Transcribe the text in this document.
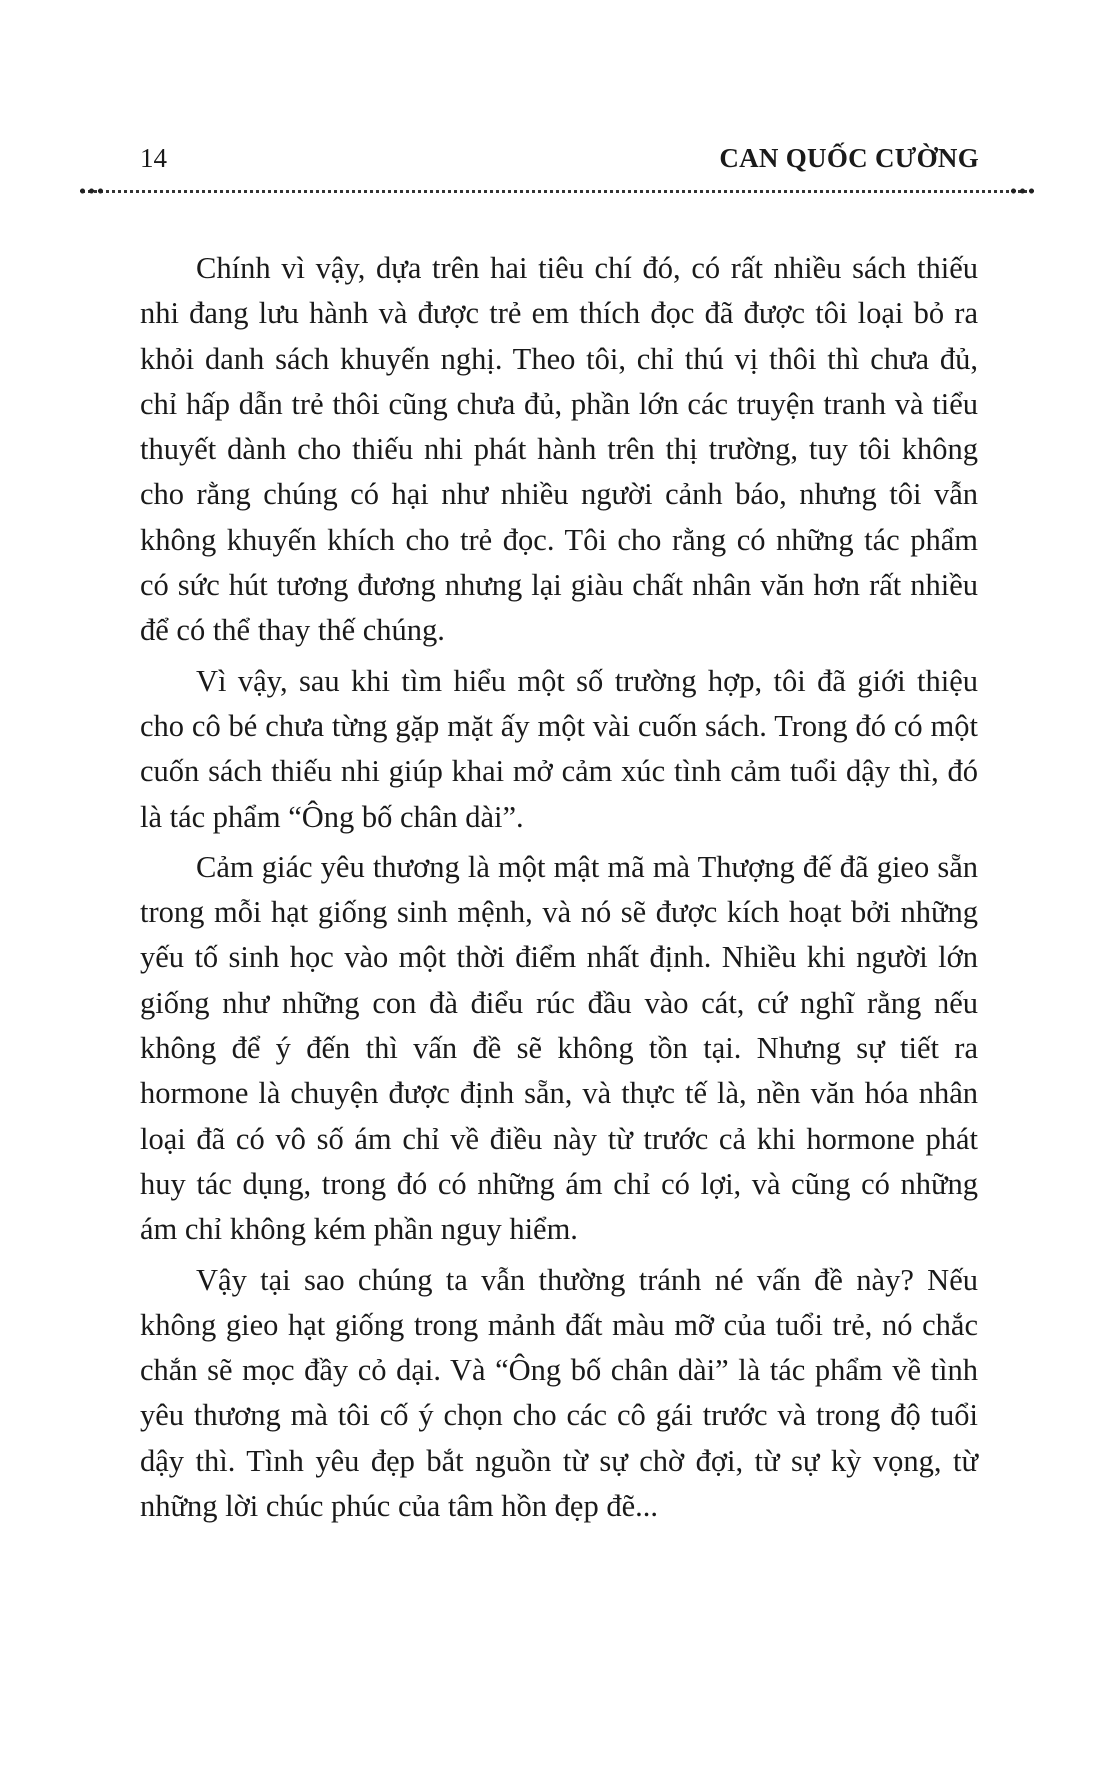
14	CAN QUỐC CƯỜNG

Chính vì vậy, dựa trên hai tiêu chí đó, có rất nhiều sách thiếu nhi đang lưu hành và được trẻ em thích đọc đã được tôi loại bỏ ra khỏi danh sách khuyến nghị. Theo tôi, chỉ thú vị thôi thì chưa đủ, chỉ hấp dẫn trẻ thôi cũng chưa đủ, phần lớn các truyện tranh và tiểu thuyết dành cho thiếu nhi phát hành trên thị trường, tuy tôi không cho rằng chúng có hại như nhiều người cảnh báo, nhưng tôi vẫn không khuyến khích cho trẻ đọc. Tôi cho rằng có những tác phẩm có sức hút tương đương nhưng lại giàu chất nhân văn hơn rất nhiều để có thể thay thế chúng.

Vì vậy, sau khi tìm hiểu một số trường hợp, tôi đã giới thiệu cho cô bé chưa từng gặp mặt ấy một vài cuốn sách. Trong đó có một cuốn sách thiếu nhi giúp khai mở cảm xúc tình cảm tuổi dậy thì, đó là tác phẩm “Ông bố chân dài”.

Cảm giác yêu thương là một mật mã mà Thượng đế đã gieo sẵn trong mỗi hạt giống sinh mệnh, và nó sẽ được kích hoạt bởi những yếu tố sinh học vào một thời điểm nhất định. Nhiều khi người lớn giống như những con đà điểu rúc đầu vào cát, cứ nghĩ rằng nếu không để ý đến thì vấn đề sẽ không tồn tại. Nhưng sự tiết ra hormone là chuyện được định sẵn, và thực tế là, nền văn hóa nhân loại đã có vô số ám chỉ về điều này từ trước cả khi hormone phát huy tác dụng, trong đó có những ám chỉ có lợi, và cũng có những ám chỉ không kém phần nguy hiểm.

Vậy tại sao chúng ta vẫn thường tránh né vấn đề này? Nếu không gieo hạt giống trong mảnh đất màu mỡ của tuổi trẻ, nó chắc chắn sẽ mọc đầy cỏ dại. Và “Ông bố chân dài” là tác phẩm về tình yêu thương mà tôi cố ý chọn cho các cô gái trước và trong độ tuổi dậy thì. Tình yêu đẹp bắt nguồn từ sự chờ đợi, từ sự kỳ vọng, từ những lời chúc phúc của tâm hồn đẹp đẽ...
